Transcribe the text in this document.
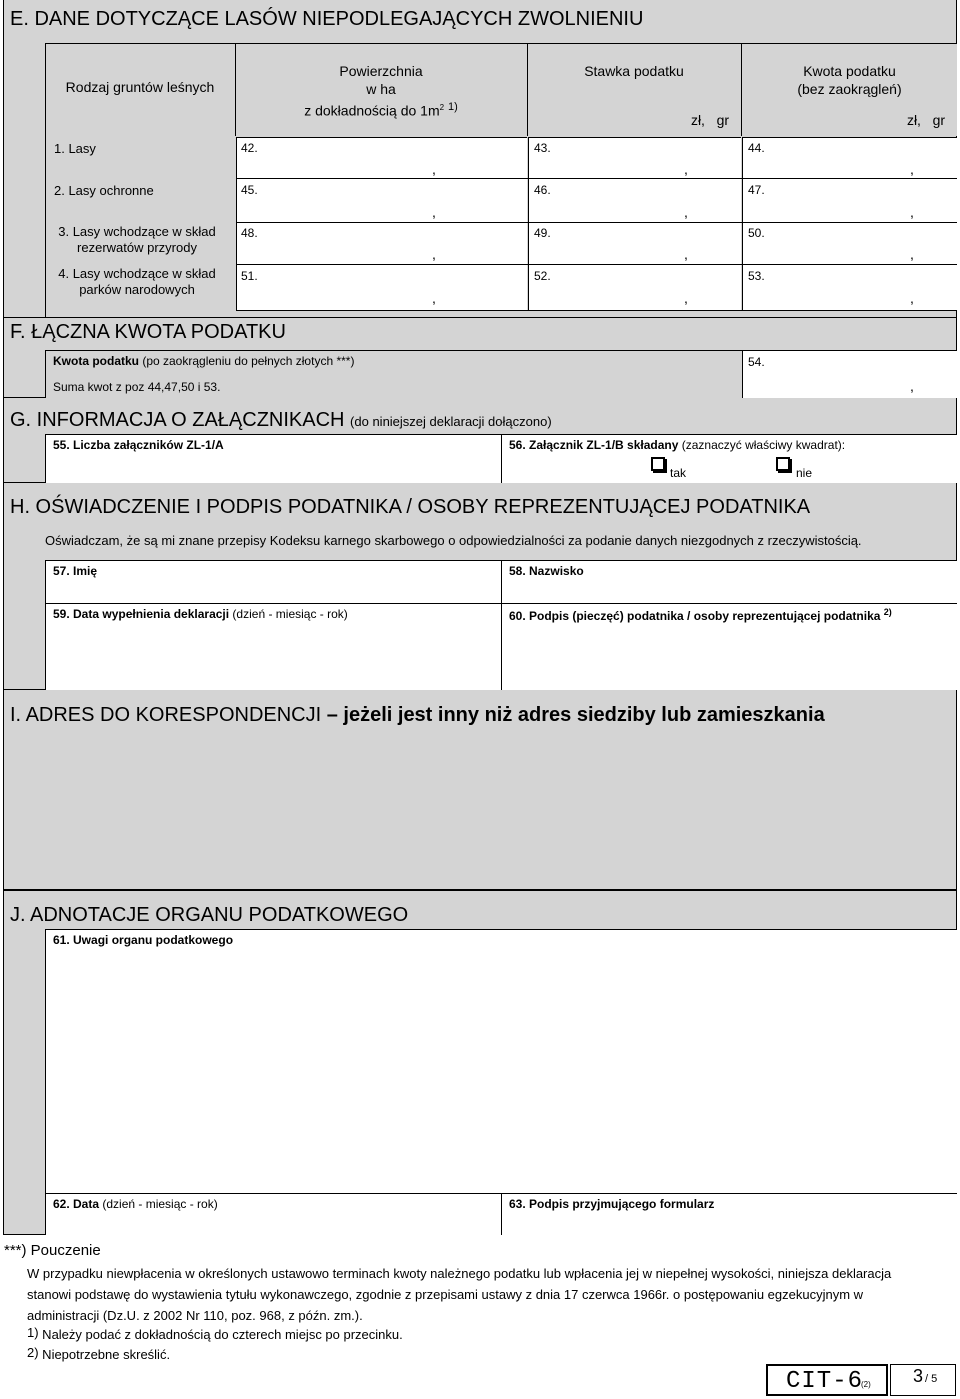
E. DANE DOTYCZĄCE LASÓW NIEPODLEGAJĄCYCH ZWOLNIENIU
Rodzaj gruntów leśnych
Powierzchnia
w ha
z dokładnością do $1m^2$ $^{1)}$
Stawka podatku
zł,   gr
Kwota podatku
(bez zaokrągleń)
zł,   gr
1. Lasy	42.	43.	44.
2. Lasy ochronne	45.	46.	47.
3. Lasy wchodzące w skład
rezerwatów przyrody
48.	49.	50.
4. Lasy wchodzące w skład
parków narodowych
51.	52.	53.
,	,	,
,	,	,
,	,	,
,	,	,
F. ŁĄCZNA KWOTA PODATKU
Kwota podatku (po zaokrągleniu do pełnych złotych ***)
Suma kwot z poz 44,47,50 i 53.
54.
,
G. INFORMACJA O ZAŁĄCZNIKACH (do niniejszej deklaracji dołączono)
55. Liczba załączników ZL-1/A	56. Załącznik ZL-1/B składany (zaznaczyć właściwy kwadrat):
tak	nie
H. OŚWIADCZENIE I PODPIS PODATNIKA / OSOBY REPREZENTUJĄCEJ PODATNIKA
Oświadczam, że są mi znane przepisy Kodeksu karnego skarbowego o odpowiedzialności za podanie danych niezgodnych z rzeczywistością.
57. Imię	58. Nazwisko
59. Data wypełnienia deklaracji (dzień - miesiąc - rok)	60. Podpis (pieczęć) podatnika / osoby reprezentującej podatnika $^{2)}$
I. ADRES DO KORESPONDENCJI – jeżeli jest inny niż adres siedziby lub zamieszkania
J. ADNOTACJE ORGANU PODATKOWEGO
61. Uwagi organu podatkowego
62. Data (dzień - miesiąc - rok)	63. Podpis przyjmującego formularz
***) Pouczenie
W przypadku niewpłacenia w określonych ustawowo terminach kwoty należnego podatku lub wpłacenia jej w niepełnej wysokości, niniejsza deklaracja
stanowi podstawę do wystawienia tytułu wykonawczego, zgodnie z przepisami ustawy z dnia 17 czerwca 1966r. o postępowaniu egzekucyjnym w
administracji (Dz.U. z 2002 Nr 110, poz. 968, z późn. zm.).
1) Należy podać z dokładnością do czterech miejsc po przecinku.
2) Niepotrzebne skreślić.
CIT-6
(2) 3 / 5
